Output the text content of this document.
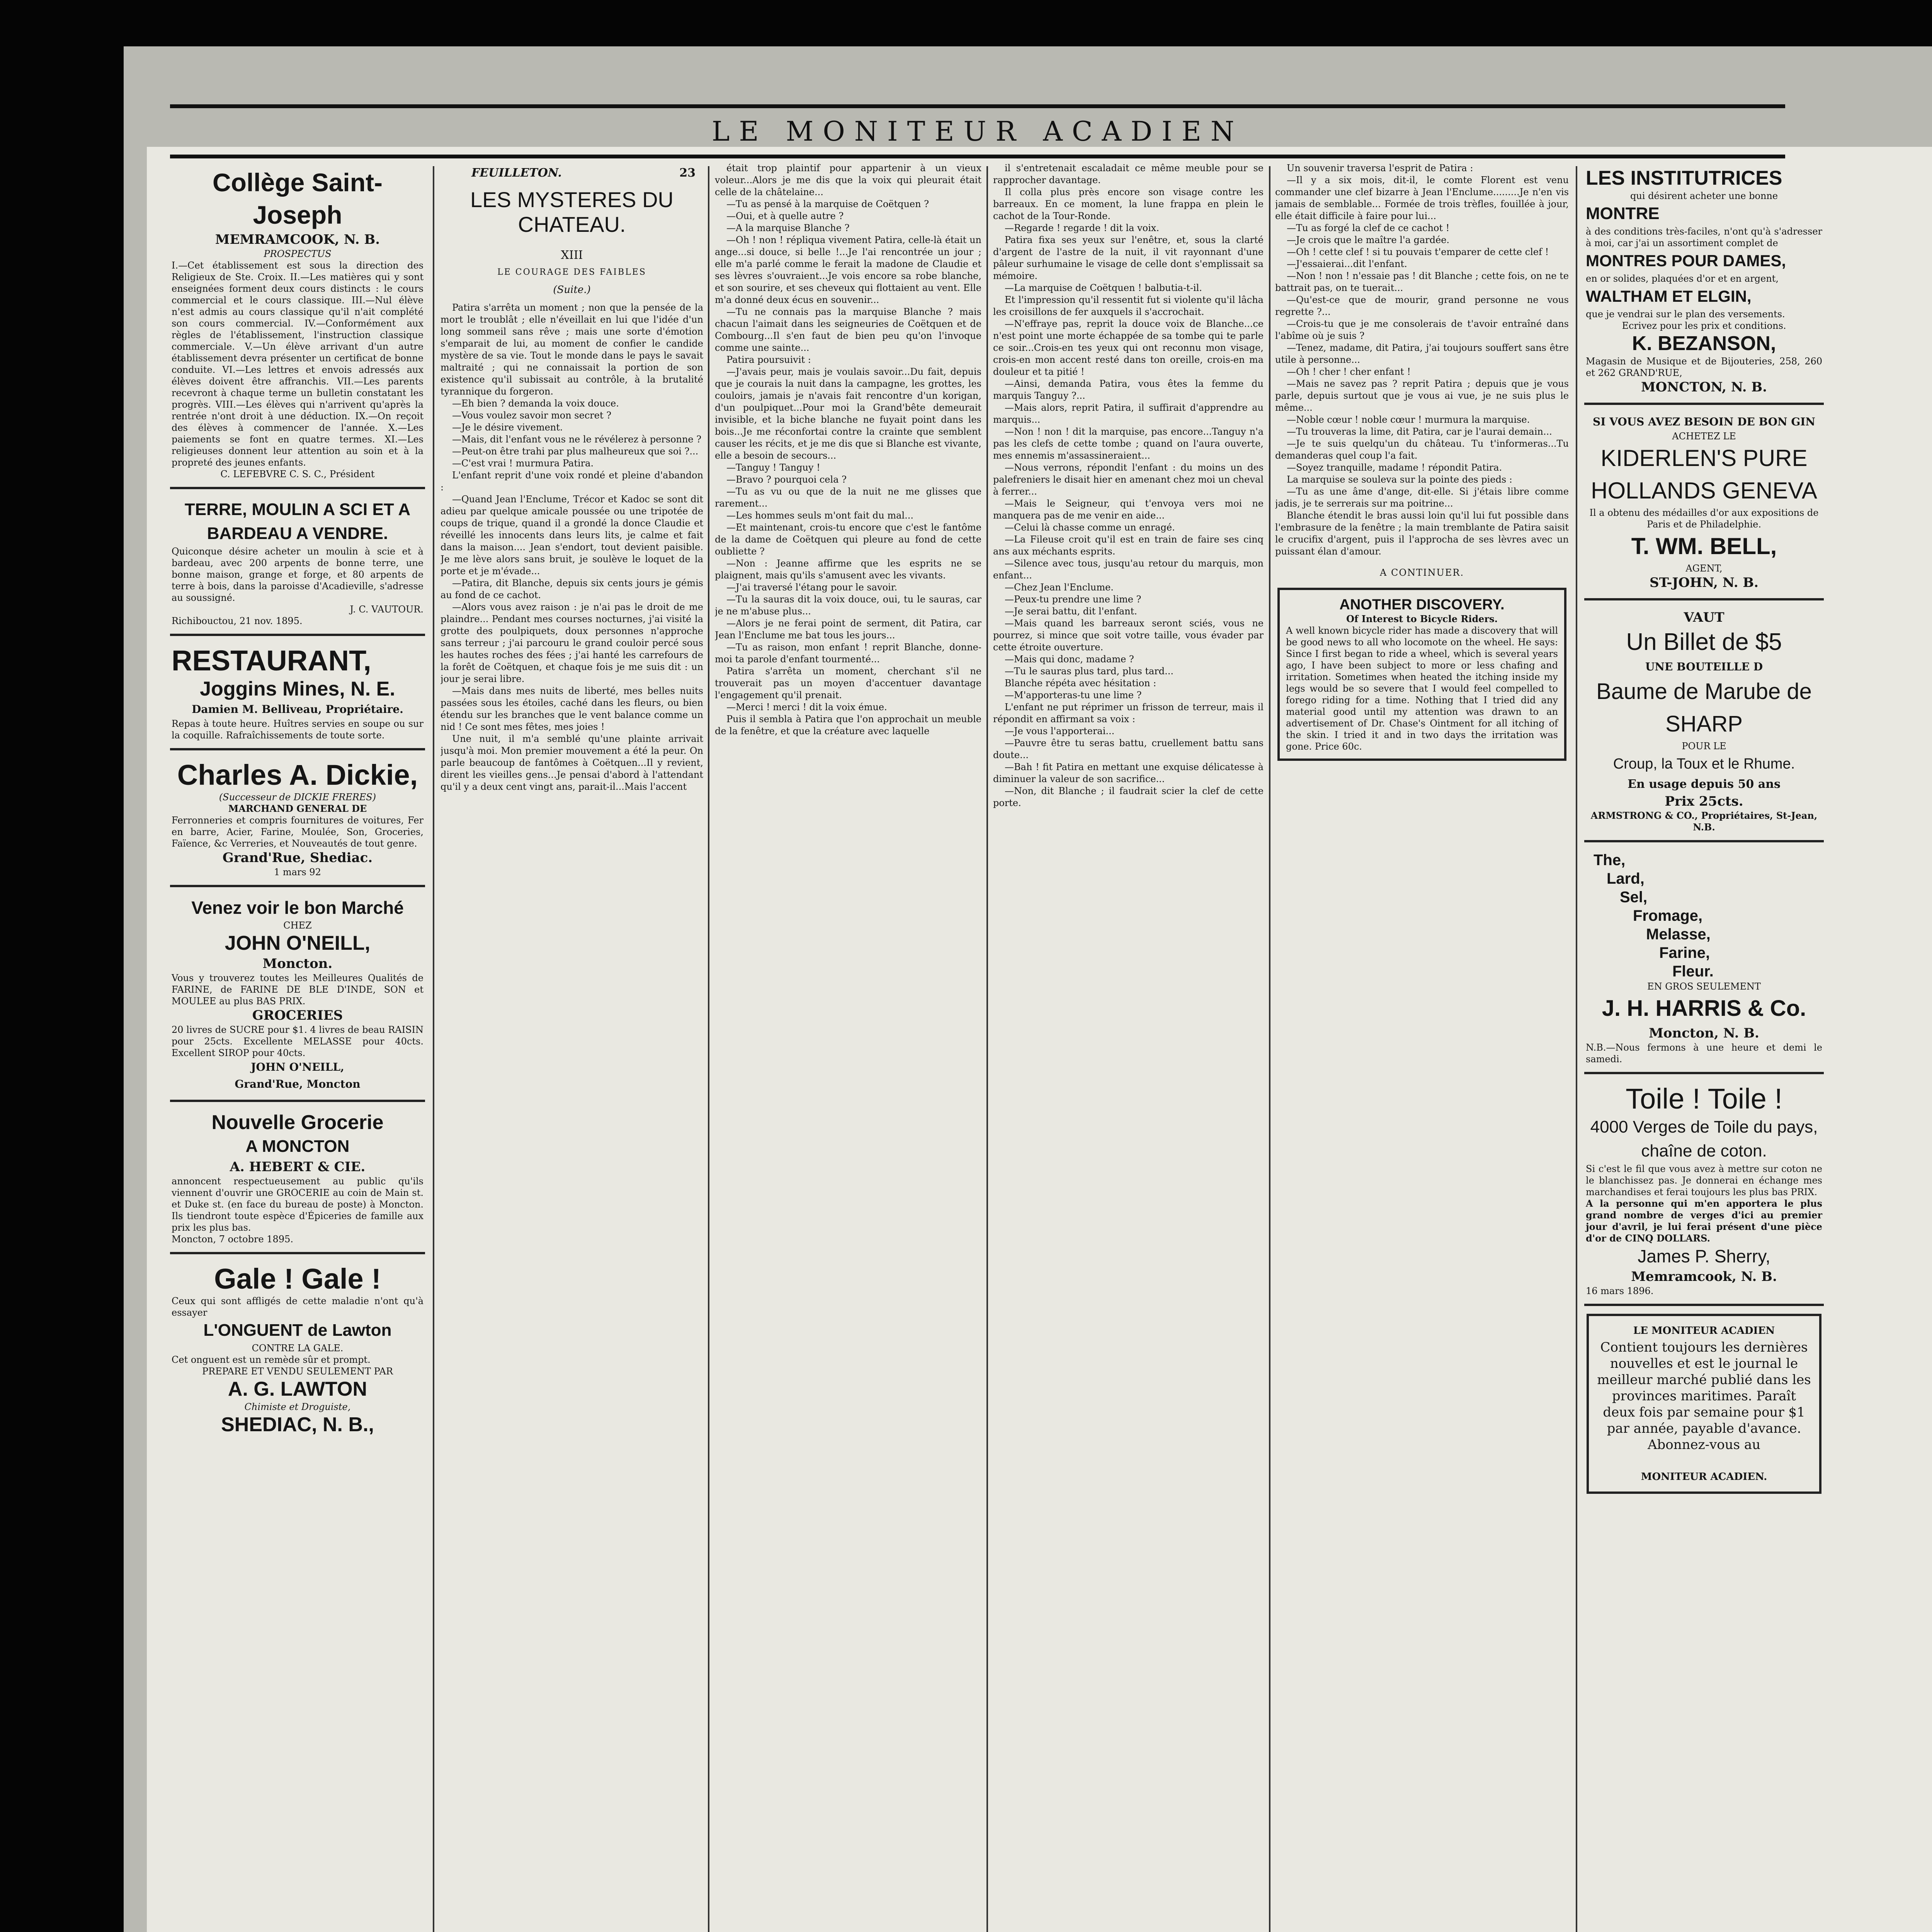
LE MONITEUR ACADIEN
Collège Saint-Joseph
MEMRAMCOOK, N. B.
PROSPECTUS
I.—Cet établissement est sous la direction des Religieux de Ste. Croix. II.—Les matières qui y sont enseignées forment deux cours distincts : le cours commercial et le cours classique. III.—Nul élève n'est admis au cours classique qu'il n'ait complété son cours commercial. IV.—Conformément aux règles de l'établissement, l'instruction classique commerciale. V.—Un élève arrivant d'un autre établissement devra présenter un certificat de bonne conduite. VI.—Les lettres et envois adressés aux élèves doivent être affranchis. VII.—Les parents recevront à chaque terme un bulletin constatant les progrès. VIII.—Les élèves qui n'arrivent qu'après la rentrée n'ont droit à une déduction. IX.—On reçoit des élèves à commencer de l'année. X.—Les paiements se font en quatre termes. XI.—Les religieuses donnent leur attention au soin et à la propreté des jeunes enfants.
C. LEFEBVRE C. S. C., Président
TERRE, MOULIN A SCI ET A BARDEAU A VENDRE.
Quiconque désire acheter un moulin à scie et à bardeau, avec 200 arpents de bonne terre, une bonne maison, grange et forge, et 80 arpents de terre à bois, dans la paroisse d'Acadieville, s'adresse au soussigné.
J. C. VAUTOUR.
Richibouctou, 21 nov. 1895.
RESTAURANT,
Joggins Mines, N. E.
Damien M. Belliveau, Propriétaire.
Repas à toute heure. Huîtres servies en soupe ou sur la coquille. Rafraîchissements de toute sorte.
Charles A. Dickie,
(Successeur de DICKIE FRERES)
MARCHAND GENERAL DE
Ferronneries et compris fournitures de voitures, Fer en barre, Acier, Farine, Moulée, Son, Groceries, Faïence, &c Verreries, et Nouveautés de tout genre.
Grand'Rue, Shediac.
1 mars 92
Venez voir le bon Marché
CHEZ
JOHN O'NEILL,
Moncton.
Vous y trouverez toutes les Meilleures Qualités de FARINE, de FARINE DE BLE D'INDE, SON et MOULEE au plus BAS PRIX.
GROCERIES
20 livres de SUCRE pour $1. 4 livres de beau RAISIN pour 25cts. Excellente MELASSE pour 40cts. Excellent SIROP pour 40cts.
JOHN O'NEILL,
Grand'Rue, Moncton
Nouvelle Grocerie
A MONCTON
A. HEBERT & CIE.
annoncent respectueusement au public qu'ils viennent d'ouvrir une GROCERIE au coin de Main st. et Duke st. (en face du bureau de poste) à Moncton. Ils tiendront toute espèce d'Épiceries de famille aux prix les plus bas.
Moncton, 7 octobre 1895.
Gale ! Gale !
Ceux qui sont affligés de cette maladie n'ont qu'à essayer
L'ONGUENT de Lawton
CONTRE LA GALE.
Cet onguent est un remède sûr et prompt.
PREPARE ET VENDU SEULEMENT PAR
A. G. LAWTON
Chimiste et Droguiste,
SHEDIAC, N. B.,
FEUILLETON.	23
LES MYSTERES DU CHATEAU.
XIII
LE COURAGE DES FAIBLES
(Suite.)

Patira s'arrêta un moment ; non que la pensée de la mort le troublât ; elle n'éveillait en lui que l'idée d'un long sommeil sans rêve ; mais une sorte d'émotion s'emparait de lui, au moment de confier le candide mystère de sa vie. Tout le monde dans le pays le savait maltraité ; qui ne connaissait la portion de son existence qu'il subissait au contrôle, à la brutalité tyrannique du forgeron.

—Eh bien ? demanda la voix douce.

—Vous voulez savoir mon secret ?

—Je le désire vivement.

—Mais, dit l'enfant vous ne le révélerez à personne ?

—Peut-on être trahi par plus malheureux que soi ?...

—C'est vrai ! murmura Patira.

L'enfant reprit d'une voix rondé et pleine d'abandon :

—Quand Jean l'Enclume, Trécor et Kadoc se sont dit adieu par quelque amicale poussée ou une tripotée de coups de trique, quand il a grondé la donce Claudie et réveillé les innocents dans leurs lits, je calme et fait dans la maison.... Jean s'endort, tout devient paisible. Je me lève alors sans bruit, je soulève le loquet de la porte et je m'évade...

—Patira, dit Blanche, depuis six cents jours je gémis au fond de ce cachot.

—Alors vous avez raison : je n'ai pas le droit de me plaindre... Pendant mes courses nocturnes, j'ai visité la grotte des poulpiquets, doux personnes n'approche sans terreur ; j'ai parcouru le grand couloir percé sous les hautes roches des fées ; j'ai hanté les carrefours de la forêt de Coëtquen, et chaque fois je me suis dit : un jour je serai libre.

—Mais dans mes nuits de liberté, mes belles nuits passées sous les étoiles, caché dans les fleurs, ou bien étendu sur les branches que le vent balance comme un nid ! Ce sont mes fêtes, mes joies !

Une nuit, il m'a semblé qu'une plainte arrivait jusqu'à moi. Mon premier mouvement a été la peur. On parle beaucoup de fantômes à Coëtquen...Il y revient, dirent les vieilles gens...Je pensai d'abord à l'attendant qu'il y a deux cent vingt ans, parait-il...Mais l'accent

était trop plaintif pour appartenir à un vieux voleur...Alors je me dis que la voix qui pleurait était celle de la châtelaine...

—Tu as pensé à la marquise de Coëtquen ?

—Oui, et à quelle autre ?

—A la marquise Blanche ?

—Oh ! non ! répliqua vivement Patira, celle-là était un ange...si douce, si belle !...Je l'ai rencontrée un jour ; elle m'a parlé comme le ferait la madone de Claudie et ses lèvres s'ouvraient...Je vois encore sa robe blanche, et son sourire, et ses cheveux qui flottaient au vent. Elle m'a donné deux écus en souvenir...

—Tu ne connais pas la marquise Blanche ? mais chacun l'aimait dans les seigneuries de Coëtquen et de Combourg...Il s'en faut de bien peu qu'on l'invoque comme une sainte...

Patira poursuivit :

—J'avais peur, mais je voulais savoir...Du fait, depuis que je courais la nuit dans la campagne, les grottes, les couloirs, jamais je n'avais fait rencontre d'un korigan, d'un poulpiquet...Pour moi la Grand'bête demeurait invisible, et la biche blanche ne fuyait point dans les bois...Je me réconfortai contre la crainte que semblent causer les récits, et je me dis que si Blanche est vivante, elle a besoin de secours...

—Tanguy ! Tanguy !

—Bravo ? pourquoi cela ?

—Tu as vu ou que de la nuit ne me glisses que rarement...

—Les hommes seuls m'ont fait du mal...

—Et maintenant, crois-tu encore que c'est le fantôme de la dame de Coëtquen qui pleure au fond de cette oubliette ?

—Non : Jeanne affirme que les esprits ne se plaignent, mais qu'ils s'amusent avec les vivants.

—J'ai traversé l'étang pour le savoir.

—Tu la sauras dit la voix douce, oui, tu le sauras, car je ne m'abuse plus...

—Alors je ne ferai point de serment, dit Patira, car Jean l'Enclume me bat tous les jours...

—Tu as raison, mon enfant ! reprit Blanche, donne-moi ta parole d'enfant tourmenté...

Patira s'arrêta un moment, cherchant s'il ne trouverait pas un moyen d'accentuer davantage l'engagement qu'il prenait.

—Merci ! merci ! dit la voix émue.

Puis il sembla à Patira que l'on approchait un meuble de la fenêtre, et que la créature avec laquelle

il s'entretenait escaladait ce même meuble pour se rapprocher davantage.

Il colla plus près encore son visage contre les barreaux. En ce moment, la lune frappa en plein le cachot de la Tour-Ronde.

—Regarde ! regarde ! dit la voix.

Patira fixa ses yeux sur l'enêtre, et, sous la clarté d'argent de l'astre de la nuit, il vit rayonnant d'une pâleur surhumaine le visage de celle dont s'emplissait sa mémoire.

—La marquise de Coëtquen ! balbutia-t-il.

Et l'impression qu'il ressentit fut si violente qu'il lâcha les croisillons de fer auxquels il s'accrochait.

—N'effraye pas, reprit la douce voix de Blanche...ce n'est point une morte échappée de sa tombe qui te parle ce soir...Crois-en tes yeux qui ont reconnu mon visage, crois-en mon accent resté dans ton oreille, crois-en ma douleur et ta pitié !

—Ainsi, demanda Patira, vous êtes la femme du marquis Tanguy ?...

—Mais alors, reprit Patira, il suffirait d'apprendre au marquis...

—Non ! non ! dit la marquise, pas encore...Tanguy n'a pas les clefs de cette tombe ; quand on l'aura ouverte, mes ennemis m'assassineraient...

—Nous verrons, répondit l'enfant : du moins un des palefreniers le disait hier en amenant chez moi un cheval à ferrer...

—Mais le Seigneur, qui t'envoya vers moi ne manquera pas de me venir en aide...

—Celui là chasse comme un enragé.

—La Fileuse croit qu'il est en train de faire ses cinq ans aux méchants esprits.

—Silence avec tous, jusqu'au retour du marquis, mon enfant...

—Chez Jean l'Enclume.

—Peux-tu prendre une lime ?

—Je serai battu, dit l'enfant.

—Mais quand les barreaux seront sciés, vous ne pourrez, si mince que soit votre taille, vous évader par cette étroite ouverture.

—Mais qui donc, madame ?

—Tu le sauras plus tard, plus tard...

Blanche répéta avec hésitation :

—M'apporteras-tu une lime ?

L'enfant ne put réprimer un frisson de terreur, mais il répondit en affirmant sa voix :

—Je vous l'apporterai...

—Pauvre être tu seras battu, cruellement battu sans doute...

—Bah ! fit Patira en mettant une exquise délicatesse à diminuer la valeur de son sacrifice...

—Non, dit Blanche ; il faudrait scier la clef de cette porte.

Un souvenir traversa l'esprit de Patira :

—Il y a six mois, dit-il, le comte Florent est venu commander une clef bizarre à Jean l'Enclume.........Je n'en vis jamais de semblable... Formée de trois trèfles, fouillée à jour, elle était difficile à faire pour lui...

—Tu as forgé la clef de ce cachot !

—Je crois que le maître l'a gardée.

—Oh ! cette clef ! si tu pouvais t'emparer de cette clef !

—J'essaierai...dit l'enfant.

—Non ! non ! n'essaie pas ! dit Blanche ; cette fois, on ne te battrait pas, on te tuerait...

—Qu'est-ce que de mourir, grand personne ne vous regrette ?...

—Crois-tu que je me consolerais de t'avoir entraîné dans l'abîme où je suis ?

—Tenez, madame, dit Patira, j'ai toujours souffert sans être utile à personne...

—Oh ! cher ! cher enfant !

—Mais ne savez pas ? reprit Patira ; depuis que je vous parle, depuis surtout que je vous ai vue, je ne suis plus le même...

—Noble cœur ! noble cœur ! murmura la marquise.

—Tu trouveras la lime, dit Patira, car je l'aurai demain...

—Je te suis quelqu'un du château. Tu t'informeras...Tu demanderas quel coup l'a fait.

—Soyez tranquille, madame ! répondit Patira.

La marquise se souleva sur la pointe des pieds :

—Tu as une âme d'ange, dit-elle. Si j'étais libre comme jadis, je te serrerais sur ma poitrine...

Blanche étendit le bras aussi loin qu'il lui fut possible dans l'embrasure de la fenêtre ; la main tremblante de Patira saisit le crucifix d'argent, puis il l'approcha de ses lèvres avec un puissant élan d'amour.

A CONTINUER.
ANOTHER DISCOVERY.
Of Interest to Bicycle Riders.
A well known bicycle rider has made a discovery that will be good news to all who locomote on the wheel. He says: Since I first began to ride a wheel, which is several years ago, I have been subject to more or less chafing and irritation. Sometimes when heated the itching inside my legs would be so severe that I would feel compelled to forego riding for a time. Nothing that I tried did any material good until my attention was drawn to an advertisement of Dr. Chase's Ointment for all itching of the skin. I tried it and in two days the irritation was gone. Price 60c.
LES INSTITUTRICES
qui désirent acheter une bonne
MONTRE
à des conditions très-faciles, n'ont qu'à s'adresser à moi, car j'ai un assortiment complet de
MONTRES POUR DAMES,
en or solides, plaquées d'or et en argent,
WALTHAM ET ELGIN,
que je vendrai sur le plan des versements.
Ecrivez pour les prix et conditions.
K. BEZANSON,
Magasin de Musique et de Bijouteries, 258, 260 et 262 GRAND'RUE,
MONCTON, N. B.
SI VOUS AVEZ BESOIN DE BON GIN
ACHETEZ LE
KIDERLEN'S PURE HOLLANDS GENEVA
Il a obtenu des médailles d'or aux expositions de Paris et de Philadelphie.
T. WM. BELL,
AGENT,
ST-JOHN, N. B.
VAUT
Un Billet de $5
UNE BOUTEILLE D
Baume de Marube de SHARP
POUR LE
Croup, la Toux et le Rhume.
En usage depuis 50 ans
Prix 25cts.
ARMSTRONG & CO., Propriétaires, St-Jean, N.B.
The,
Lard,
Sel,
Fromage,
Melasse,
Farine,
Fleur.
EN GROS SEULEMENT
J. H. HARRIS & Co.
Moncton, N. B.
N.B.—Nous fermons à une heure et demi le samedi.
Toile ! Toile !
4000 Verges de Toile du pays, chaîne de coton.
Si c'est le fil que vous avez à mettre sur coton ne le blanchissez pas. Je donnerai en échange mes marchandises et ferai toujours les plus bas PRIX.
A la personne qui m'en apportera le plus grand nombre de verges d'ici au premier jour d'avril, je lui ferai présent d'une pièce d'or de CINQ DOLLARS.
James P. Sherry,
Memramcook, N. B.
16 mars 1896.
LE MONITEUR ACADIEN
Contient toujours les dernières nouvelles et est le journal le meilleur marché publié dans les provinces maritimes. Paraît deux fois par semaine pour $1 par année, payable d'avance. Abonnez-vous au
MONITEUR ACADIEN.
